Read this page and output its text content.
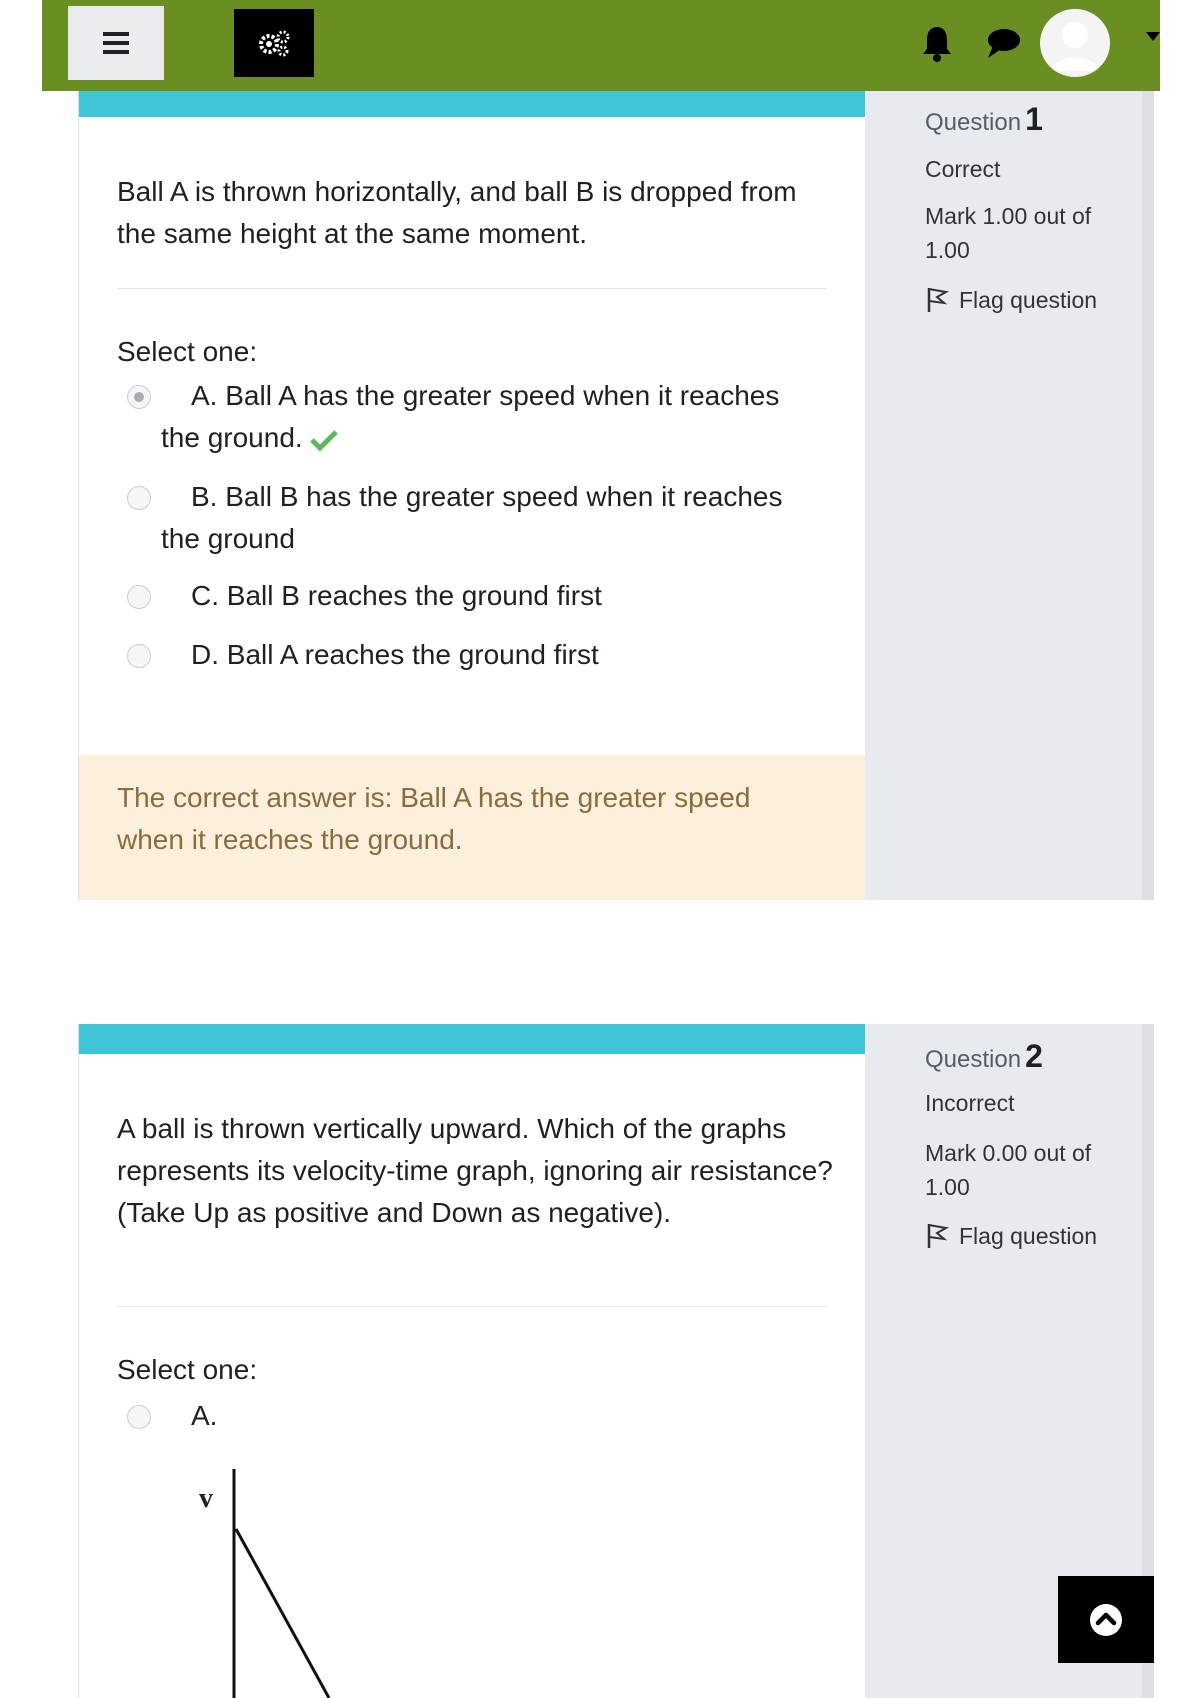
Ball A is thrown horizontally, and ball B is dropped from the same height at the same moment.
Select one:
A. Ball A has the greater speed when it reaches the ground.
B. Ball B has the greater speed when it reaches the ground
C. Ball B reaches the ground first
D. Ball A reaches the ground first
The correct answer is: Ball A has the greater speed when it reaches the ground.
Question 1
Correct
Mark 1.00 out of 1.00
Flag question
A ball is thrown vertically upward. Which of the graphs represents its velocity-time graph, ignoring air resistance? (Take Up as positive and Down as negative).
Select one:
A.
v
Question 2
Incorrect
Mark 0.00 out of 1.00
Flag question
